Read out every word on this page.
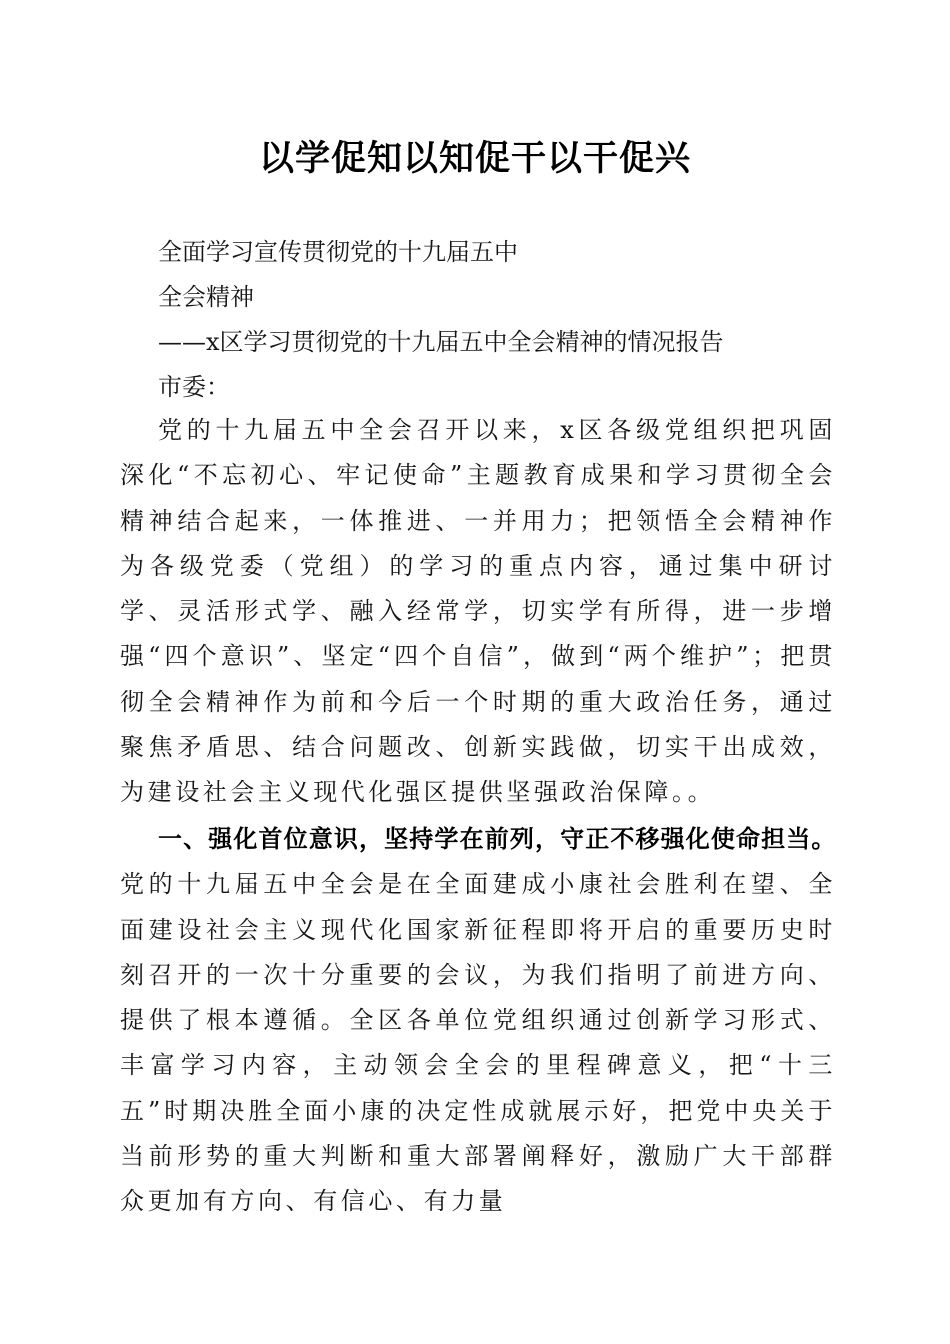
以学促知以知促干以干促兴

全面学习宣传贯彻党的十九届五中

全会精神

——x区学习贯彻党的十九届五中全会精神的情况报告

市委：

党的十九届五中全会召开以来，x区各级党组织把巩固深化“不忘初心、牢记使命”主题教育成果和学习贯彻全会精神结合起来，一体推进、一并用力；把领悟全会精神作为各级党委（党组）的学习的重点内容，通过集中研讨学、灵活形式学、融入经常学，切实学有所得，进一步增强“四个意识”、坚定“四个自信”，做到“两个维护”；把贯彻全会精神作为前和今后一个时期的重大政治任务，通过聚焦矛盾思、结合问题改、创新实践做，切实干出成效，为建设社会主义现代化强区提供坚强政治保障。。

一、强化首位意识，坚持学在前列，守正不移强化使命担当。党的十九届五中全会是在全面建成小康社会胜利在望、全面建设社会主义现代化国家新征程即将开启的重要历史时刻召开的一次十分重要的会议，为我们指明了前进方向、提供了根本遵循。全区各单位党组织通过创新学习形式、丰富学习内容，主动领会全会的里程碑意义，把“十三五”时期决胜全面小康的决定性成就展示好，把党中央关于当前形势的重大判断和重大部署阐释好，激励广大干部群众更加有方向、有信心、有力量
